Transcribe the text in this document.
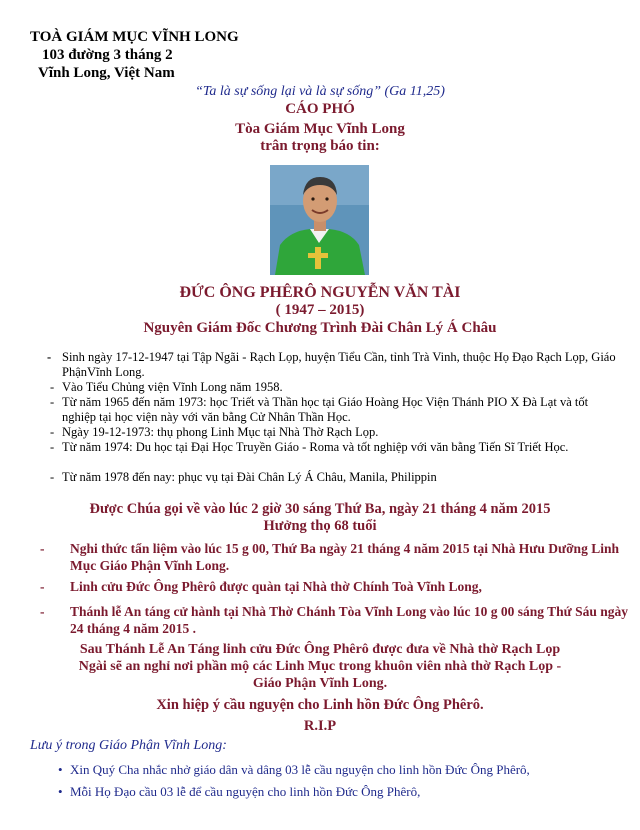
TOÀ GIÁM MỤC VĨNH LONG
103 đường 3 tháng 2
Vĩnh Long, Việt Nam
“Ta là sự sống lại và là sự sống” (Ga 11,25)
CÁO PHÓ
Tòa Giám Mục Vĩnh Long
trân trọng báo tin:
ĐỨC ÔNG PHÊRÔ NGUYỄN VĂN TÀI
( 1947 – 2015)
Nguyên Giám Đốc Chương Trình Đài Chân Lý Á Châu
- Sinh ngày 17-12-1947 tại Tập Ngãi - Rạch Lọp, huyện Tiểu Cần, tỉnh Trà Vinh, thuộc Họ Đạo Rạch Lọp, Giáo PhậnVĩnh Long.
- Vào Tiểu Chủng viện Vĩnh Long năm 1958.
- Từ năm 1965 đến năm 1973: học Triết và Thần học tại Giáo Hoàng Học Viện Thánh PIO X Đà Lạt và tốt nghiệp tại học viện này với văn bằng Cử Nhân Thần Học.
- Ngày 19-12-1973: thụ phong Linh Mục tại Nhà Thờ Rạch Lọp.
- Từ năm 1974: Du học tại Đại Học Truyền Giáo - Roma và tốt nghiệp với văn bằng Tiến Sĩ Triết Học.
- Từ năm 1978 đến nay: phục vụ tại Đài Chân Lý Á Châu, Manila, Philippin
Được Chúa gọi về vào lúc 2 giờ 30 sáng Thứ Ba, ngày 21 tháng 4 năm 2015
Hưởng thọ 68 tuổi
- Nghi thức tẩn liệm vào lúc 15 g 00, Thứ Ba ngày 21 tháng 4 năm 2015 tại Nhà Hưu Dưỡng Linh Mục Giáo Phận Vĩnh Long.
- Linh cửu Đức Ông Phêrô được quàn tại Nhà thờ Chính Toà Vĩnh Long,
- Thánh lễ An táng cử hành tại Nhà Thờ Chánh Tòa Vĩnh Long vào lúc 10 g 00 sáng Thứ Sáu ngày 24 tháng 4 năm 2015 .
Sau Thánh Lễ An Táng linh cửu Đức Ông Phêrô được đưa về Nhà thờ Rạch Lọp
Ngài sẽ an nghỉ nơi phần mộ các Linh Mục trong khuôn viên nhà thờ Rạch Lọp -
Giáo Phận Vĩnh Long.
Xin hiệp ý cầu nguyện cho Linh hồn Đức Ông Phêrô.
R.I.P
Lưu ý trong Giáo Phận Vĩnh Long:
• Xin Quý Cha nhắc nhở giáo dân và dâng 03 lễ cầu nguyện cho linh hồn Đức Ông Phêrô,
• Mỗi Họ Đạo cầu 03 lễ để cầu nguyện cho linh hồn Đức Ông Phêrô,
